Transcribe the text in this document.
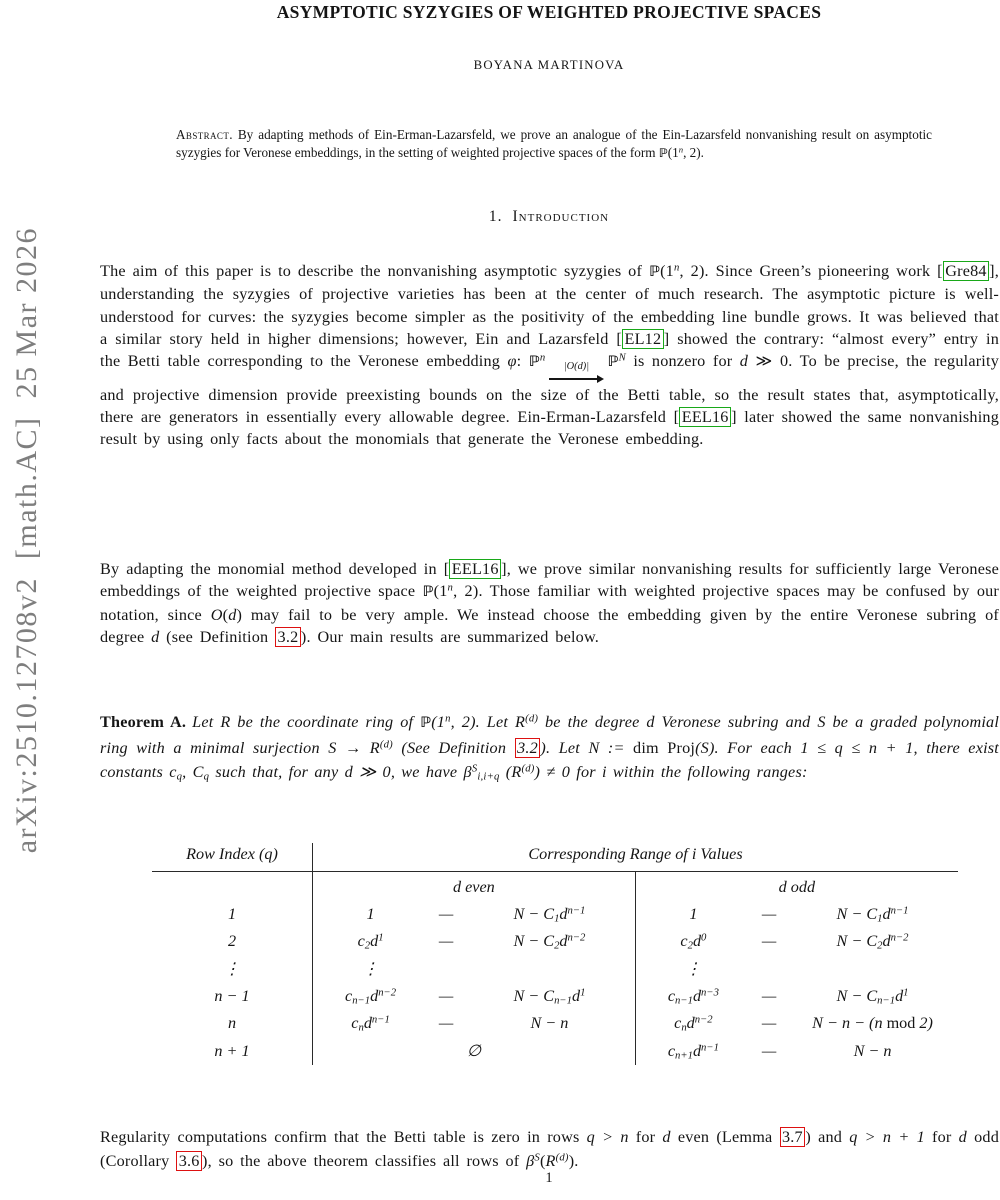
arXiv:2510.12708v2  [math.AC]  25 Mar 2026
ASYMPTOTIC SYZYGIES OF WEIGHTED PROJECTIVE SPACES
BOYANA MARTINOVA
Abstract. By adapting methods of Ein-Erman-Lazarsfeld, we prove an analogue of the Ein-Lazarsfeld nonvanishing result on asymptotic syzygies for Veronese embeddings, in the setting of weighted projective spaces of the form ℙ(1$^n$, 2).
1. Introduction
The aim of this paper is to describe the nonvanishing asymptotic syzygies of ℙ(1$^n$, 2). Since Green’s pioneering work [ Gre84 ], understanding the syzygies of projective varieties has been at the center of much research. The asymptotic picture is well-understood for curves: the syzygies become simpler as the positivity of the embedding line bundle grows. It was believed that a similar story held in higher dimensions; however, Ein and Lazarsfeld [ EL12 ] showed the contrary: “almost every” entry in the Betti table corresponding to the Veronese embedding φ: ℙ$^n$
|O(d)| ℙ$^N$ is nonzero for d ≫ 0. To be precise, the regularity and projective dimension provide preexisting bounds on the size of the Betti table, so the result states that, asymptotically, there are generators in essentially every allowable degree. Ein-Erman-Lazarsfeld [ EEL16 ] later showed the same nonvanishing result by using only facts about the monomials that generate the Veronese embedding.
By adapting the monomial method developed in [ EEL16 ], we prove similar nonvanishing results for sufficiently large Veronese embeddings of the weighted projective space ℙ(1$^n$, 2). Those familiar with weighted projective spaces may be confused by our notation, since O(d) may fail to be very ample. We instead choose the embedding given by the entire Veronese subring of degree d (see Definition 3.2 ). Our main results are summarized below.
Theorem A. Let R be the coordinate ring of ℙ(1$^n$, 2). Let $R^{(d)}$ be the degree d Veronese subring and S be a graded polynomial ring with a minimal surjection $S \to R^{(d)}$ (See Definition 3.2 ). Let N := dim Proj(S). For each 1 ≤ q ≤ n + 1, there exist constants cq, Cq such that, for any d ≫ 0, we have $\beta^Si,i+q$ $(R^{(d)}) \ne 0$ for i within the following ranges:
Row Index (q)	Corresponding Range of i Values	
	d even	d odd
1	1 — $N - C1d^{n-1}$	1 — $N - C1d^{n-1}$

2	$c2d^1$ — $N - C2d^{n-2}$	$c2d^0$ — $N - C2d^{n-2}$

⋮	⋮	⋮

n − 1	$cn-1d^{n-2}$ — $N - Cn-1d^1$	$cn-1d^{n-3}$ — $N - Cn-1d^1$

n	cnd$^{n-1}$ — N − n	cnd$^{n-2}$ — N − n − (n mod 2)

n + 1	∅	$cn+1d^{n-1}$ — N − n
Regularity computations confirm that the Betti table is zero in rows q > n for d even (Lemma 3.7 ) and q > n + 1 for d odd (Corollary 3.6 ), so the above theorem classifies all rows of $\beta^S(R^{(d)})$.
1
